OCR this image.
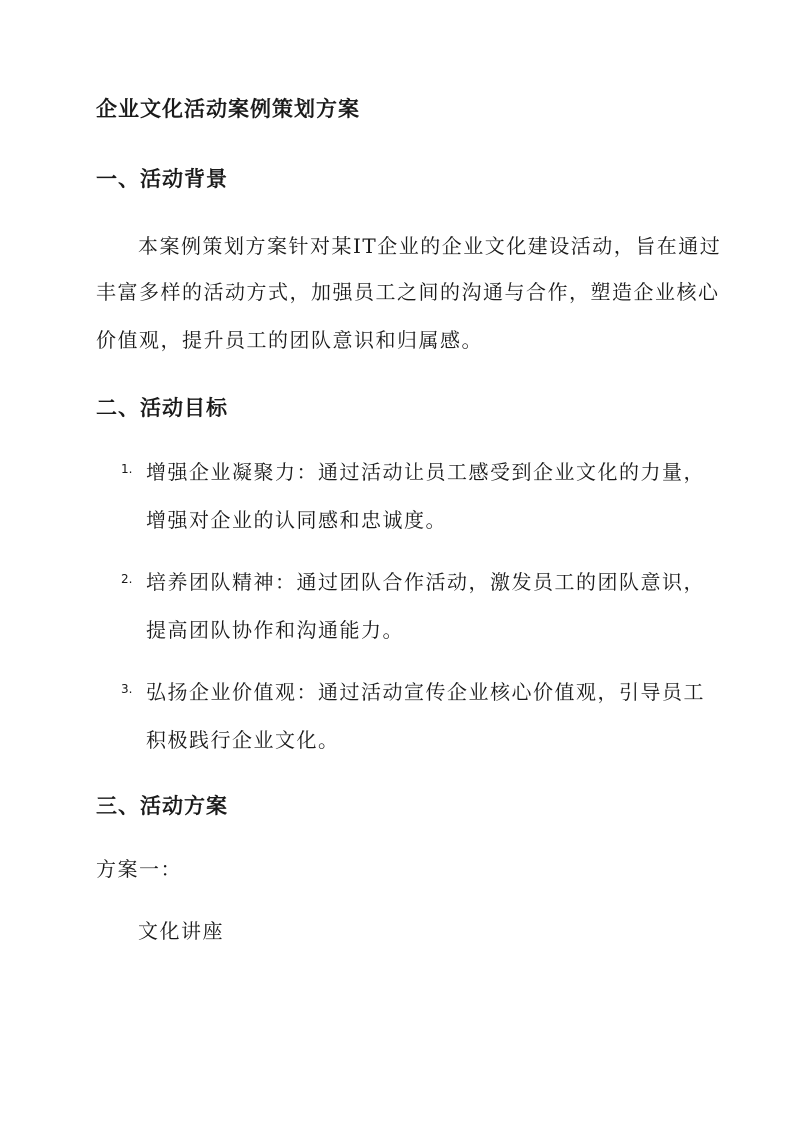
企业文化活动案例策划方案
一、活动背景

本案例策划方案针对某IT企业的企业文化建设活动，旨在通过

丰富多样的活动方式，加强员工之间的沟通与合作，塑造企业核心

价值观，提升员工的团队意识和归属感。

二、活动目标
1. 增强企业凝聚力：通过活动让员工感受到企业文化的力量，

增强对企业的认同感和忠诚度。

2. 培养团队精神：通过团队合作活动，激发员工的团队意识，

提高团队协作和沟通能力。

3. 弘扬企业价值观：通过活动宣传企业核心价值观，引导员工

积极践行企业文化。

三、活动方案

方案一：

文化讲座
